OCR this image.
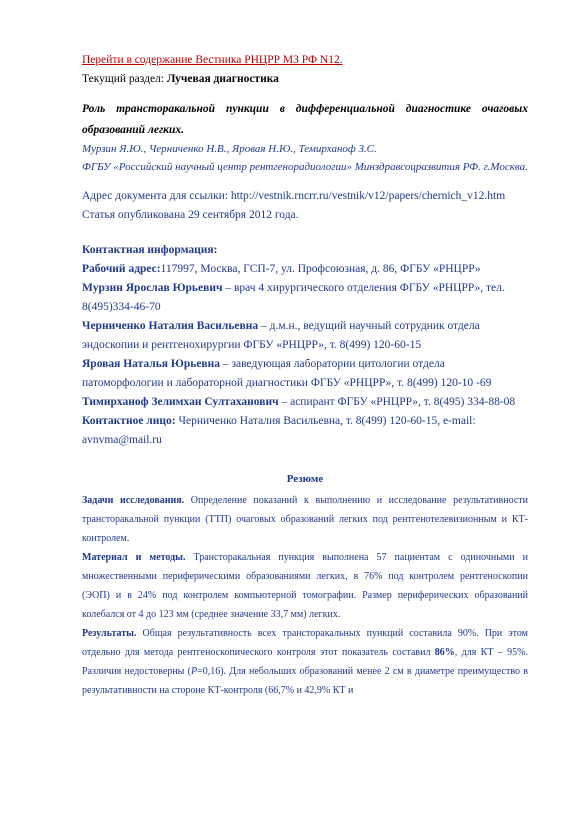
Перейти в содержание Вестника РНЦРР МЗ РФ N12.

Текущий раздел: Лучевая диагностика

Роль трансторакальной пункции в дифференциальной диагностике очаговых образований легких.

Мурзин Я.Ю., Черниченко Н.В., Яровая Н.Ю., Темирханоф З.С.

ФГБУ «Российский научный центр рентгенорадиологии» Минздравсоцразвития РФ. г.Москва.

Адрес документа для ссылки: http://vestnik.rncrr.ru/vestnik/v12/papers/chernich_v12.htm

Статья опубликована 29 сентября 2012 года.

Контактная информация:

Рабочий адрес:117997, Москва, ГСП-7, ул. Профсоюзная, д. 86, ФГБУ «РНЦРР»

Мурзин Ярослав Юрьевич – врач 4 хирургического отделения ФГБУ «РНЦРР», тел. 8(495)334-46-70

Черниченко Наталия Васильевна – д.м.н., ведущий научный сотрудник отдела эндоскопии и рентгенохирургии ФГБУ «РНЦРР», т. 8(499) 120-60-15

Яровая Наталья Юрьевна – заведующая лаборатории цитологии отдела патоморфологии и лабораторной диагностики ФГБУ «РНЦРР», т. 8(499) 120-10 -69

Тимирханоф Зелимхан Султаханович – аспирант ФГБУ «РНЦРР», т. 8(495) 334-88-08

Контактное лицо: Черниченко Наталия Васильевна, т. 8(499) 120-60-15, e-mail: avnvma@mail.ru

Резюме

Задачи исследования. Определение показаний к выполнению и исследование результативности трансторакальной пункции (ТТП) очаговых образований легких под рентгенотелевизионным и КТ-контролем.

Материал и методы. Трансторакальная пункция выполнена 57 пациентам с одиночными и множественными периферическими образованиями легких, в 76% под контролем рентгеноскопии (ЭОП) и в 24% под контролем компьютерной томографии. Размер периферических образований колебался от 4 до 123 мм (среднее значение 33,7 мм) легких.

Результаты. Общая результативность всех трансторакальных пункций составила 90%. При этом отдельно для метода рентгеноскопического контроля этот показатель составил 86%, для КТ – 95%. Различия недостоверны (P=0,16). Для небольших образований менее 2 см в диаметре преимущество в результативности на стороне КТ-контроля (66,7% и 42,9% КТ и
